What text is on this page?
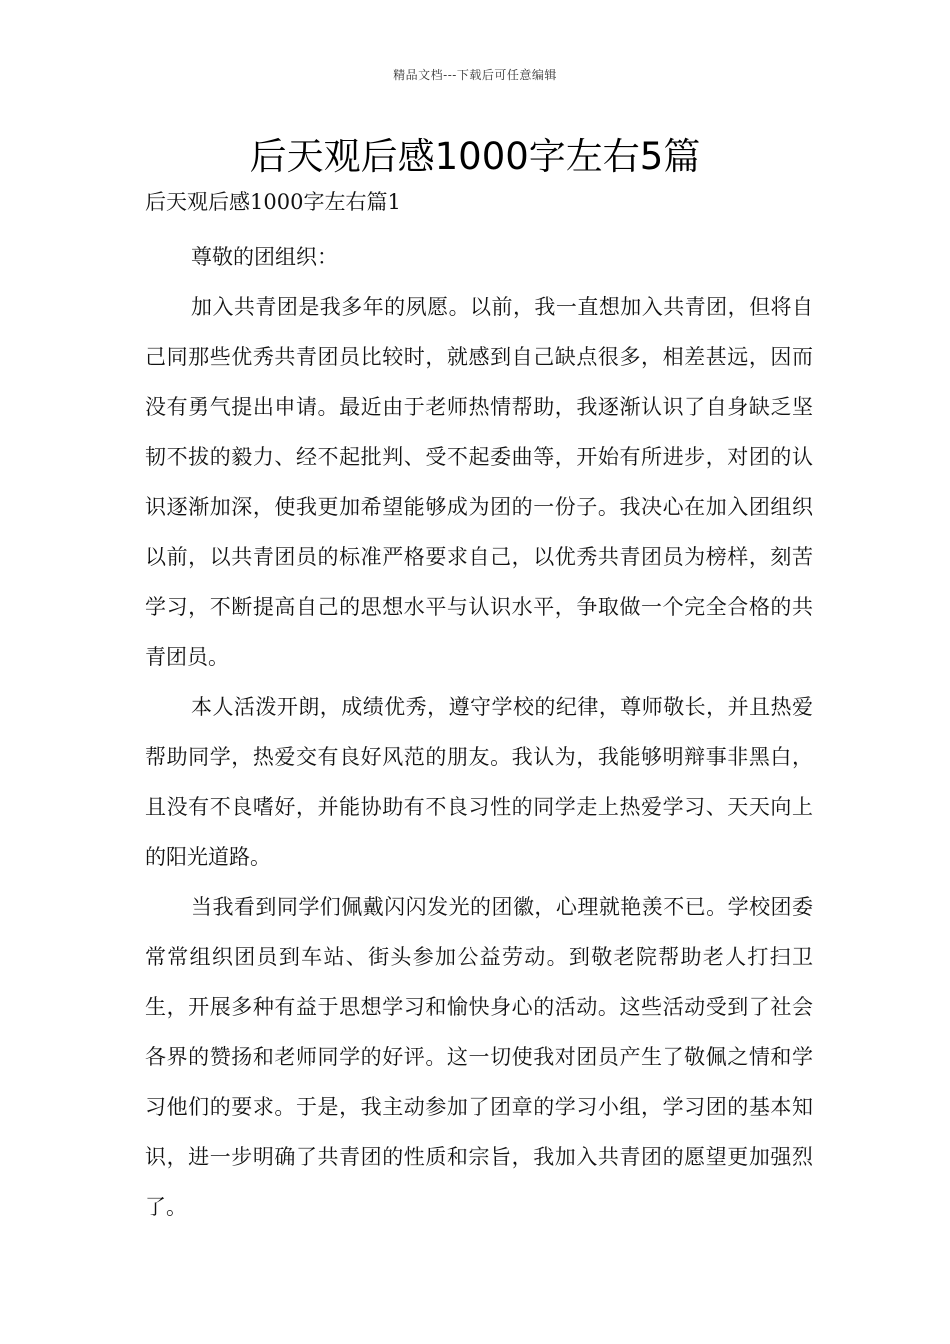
精品文档---下载后可任意编辑
后天观后感1000字左右5篇
后天观后感1000字左右篇1

尊敬的团组织：

加入共青团是我多年的夙愿。以前，我一直想加入共青团，但将自己同那些优秀共青团员比较时，就感到自己缺点很多，相差甚远，因而没有勇气提出申请。最近由于老师热情帮助，我逐渐认识了自身缺乏坚韧不拔的毅力、经不起批判、受不起委曲等，开始有所进步，对团的认识逐渐加深，使我更加希望能够成为团的一份子。我决心在加入团组织以前，以共青团员的标准严格要求自己，以优秀共青团员为榜样，刻苦学习，不断提高自己的思想水平与认识水平，争取做一个完全合格的共青团员。

本人活泼开朗，成绩优秀，遵守学校的纪律，尊师敬长，并且热爱帮助同学，热爱交有良好风范的朋友。我认为，我能够明辩事非黑白，且没有不良嗜好，并能协助有不良习性的同学走上热爱学习、天天向上的阳光道路。

当我看到同学们佩戴闪闪发光的团徽，心理就艳羡不已。学校团委常常组织团员到车站、街头参加公益劳动。到敬老院帮助老人打扫卫生，开展多种有益于思想学习和愉快身心的活动。这些活动受到了社会各界的赞扬和老师同学的好评。这一切使我对团员产生了敬佩之情和学习他们的要求。于是，我主动参加了团章的学习小组，学习团的基本知识，进一步明确了共青团的性质和宗旨，我加入共青团的愿望更加强烈了。
